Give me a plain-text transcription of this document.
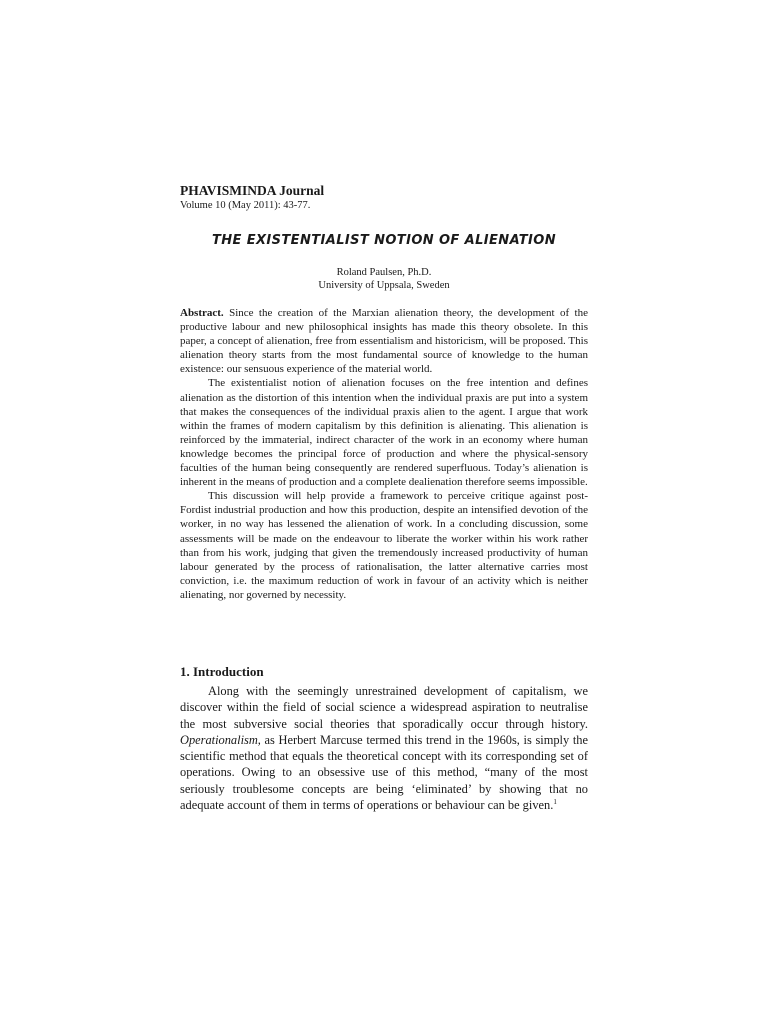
PHAVISMINDA Journal
Volume 10 (May 2011): 43-77.
THE EXISTENTIALIST NOTION OF ALIENATION
Roland Paulsen, Ph.D.
University of Uppsala, Sweden

Abstract. Since the creation of the Marxian alienation theory, the development of the productive labour and new philosophical insights has made this theory obsolete. In this paper, a concept of alienation, free from essentialism and historicism, will be proposed. This alienation theory starts from the most fundamental source of knowledge to the human existence: our sensuous experience of the material world.

The existentialist notion of alienation focuses on the free intention and defines alienation as the distortion of this intention when the individual praxis are put into a system that makes the consequences of the individual praxis alien to the agent. I argue that work within the frames of modern capitalism by this definition is alienating. This alienation is reinforced by the immaterial, indirect character of the work in an economy where human knowledge becomes the principal force of production and where the physical-sensory faculties of the human being consequently are rendered superfluous. Today’s alienation is inherent in the means of production and a complete dealienation therefore seems impossible.

This discussion will help provide a framework to perceive critique against post-Fordist industrial production and how this production, despite an intensified devotion of the worker, in no way has lessened the alienation of work. In a concluding discussion, some assessments will be made on the endeavour to liberate the worker within his work rather than from his work, judging that given the tremendously increased productivity of human labour generated by the process of rationalisation, the latter alternative carries most conviction, i.e. the maximum reduction of work in favour of an activity which is neither alienating, nor governed by necessity.

1. Introduction

Along with the seemingly unrestrained development of capitalism, we discover within the field of social science a widespread aspiration to neutralise the most subversive social theories that sporadically occur through history. Operationalism, as Herbert Marcuse termed this trend in the 1960s, is simply the scientific method that equals the theoretical concept with its corresponding set of operations. Owing to an obsessive use of this method, “many of the most seriously troublesome concepts are being ‘eliminated’ by showing that no adequate account of them in terms of operations or behaviour can be given.$^1$
